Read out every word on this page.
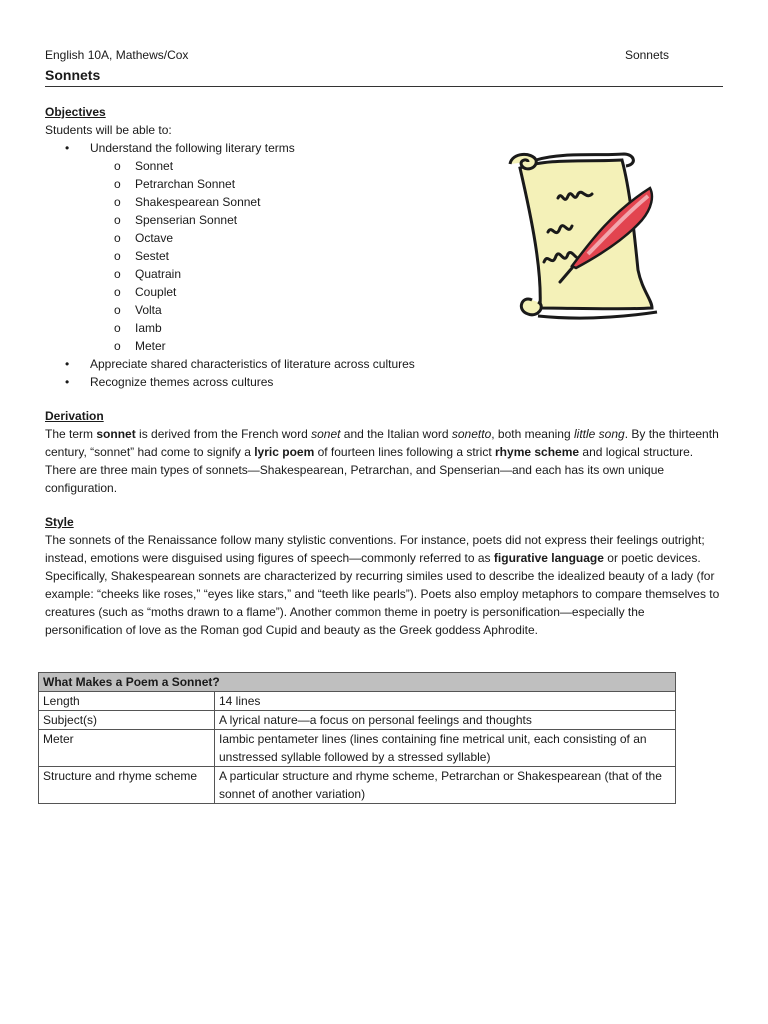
English 10A, Mathews/Cox	Sonnets
Sonnets
Objectives

Students will be able to:

• Understand the following literary terms
o Sonnet
o Petrarchan Sonnet
o Shakespearean Sonnet
o Spenserian Sonnet
o Octave
o Sestet
o Quatrain
o Couplet
o Volta
o Iamb
o Meter
• Appreciate shared characteristics of literature across cultures
• Recognize themes across cultures
Derivation

The term sonnet is derived from the French word sonet and the Italian word sonetto, both meaning little song. By the thirteenth century, “sonnet” had come to signify a lyric poem of fourteen lines following a strict rhyme scheme and logical structure. There are three main types of sonnets—Shakespearean, Petrarchan, and Spenserian—and each has its own unique configuration.

Style

The sonnets of the Renaissance follow many stylistic conventions. For instance, poets did not express their feelings outright; instead, emotions were disguised using figures of speech—commonly referred to as figurative language or poetic devices. Specifically, Shakespearean sonnets are characterized by recurring similes used to describe the idealized beauty of a lady (for example: “cheeks like roses,” “eyes like stars,” and “teeth like pearls”). Poets also employ metaphors to compare themselves to creatures (such as “moths drawn to a flame”). Another common theme in poetry is personification—especially the personification of love as the Roman god Cupid and beauty as the Greek goddess Aphrodite.

What Makes a Poem a Sonnet?	
Length	14 lines
Subject(s)	A lyrical nature—a focus on personal feelings and thoughts
Meter	Iambic pentameter lines (lines containing fine metrical unit, each consisting of an unstressed syllable followed by a stressed syllable)
Structure and rhyme scheme	A particular structure and rhyme scheme, Petrarchan or Shakespearean (that of the sonnet of another variation)
